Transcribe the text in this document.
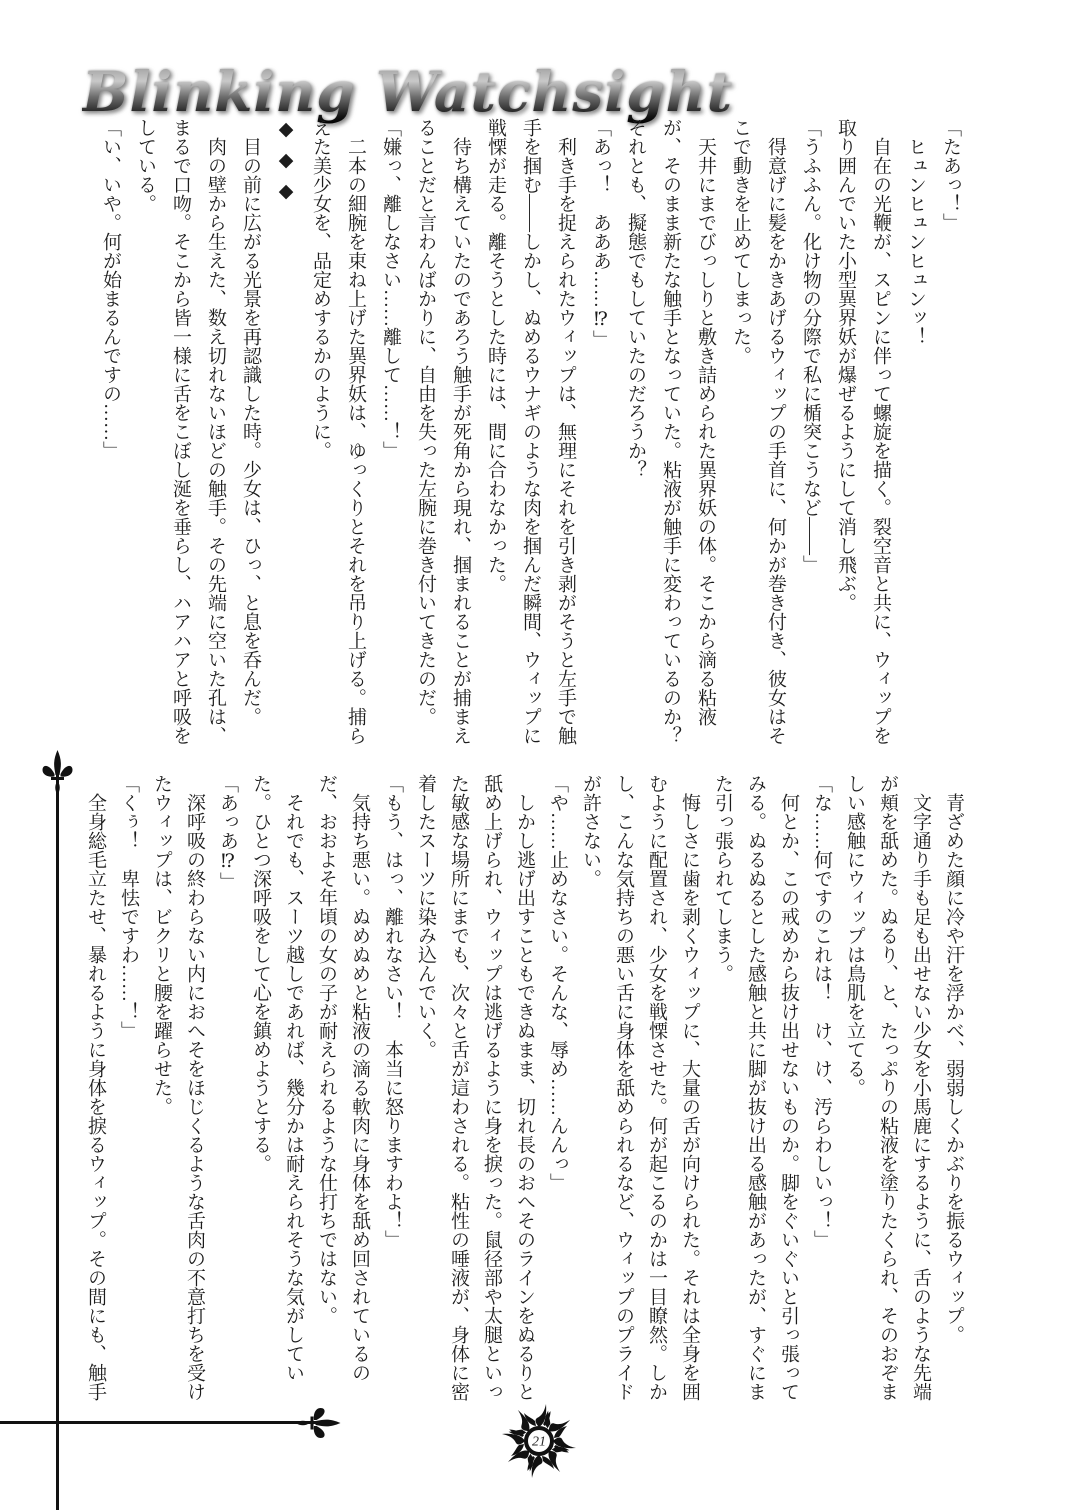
Blinking Watchsight

「たあっ！」

　ヒュンヒュンヒュンッ！

　自在の光鞭が、スピンに伴って螺旋を描く。裂空音と共に、ウィップを取り囲んでいた小型異界妖が爆ぜるようにして消し飛ぶ。

「うふふん。化け物の分際で私に楯突こうなど――」

　得意げに髪をかきあげるウィップの手首に、何かが巻き付き、彼女はそこで動きを止めてしまった。

　天井にまでびっしりと敷き詰められた異界妖の体。そこから滴る粘液が、そのまま新たな触手となっていた。粘液が触手に変わっているのか？　それとも、擬態でもしていたのだろうか？

「あっ！　あああ……⁉」

　利き手を捉えられたウィップは、無理にそれを引き剥がそうと左手で触手を掴む――しかし、ぬめるウナギのような肉を掴んだ瞬間、ウィップに戦慄が走る。離そうとした時には、間に合わなかった。

　待ち構えていたのであろう触手が死角から現れ、掴まれることが捕まえることだと言わんばかりに、自由を失った左腕に巻き付いてきたのだ。

「嫌っ、離しなさい……離して……！」

　二本の細腕を束ね上げた異界妖は、ゆっくりとそれを吊り上げる。捕らえた美少女を、品定めするかのように。

◆◆◆

　目の前に広がる光景を再認識した時。少女は、ひっ、と息を呑んだ。

　肉の壁から生えた、数え切れないほどの触手。その先端に空いた孔は、まるで口吻。そこから皆一様に舌をこぼし涎を垂らし、ハアハアと呼吸をしている。

「い、いや。何が始まるんですの……」

　青ざめた顔に冷や汗を浮かべ、弱弱しくかぶりを振るウィップ。

　文字通り手も足も出せない少女を小馬鹿にするように、舌のような先端が頬を舐めた。ぬるり、と、たっぷりの粘液を塗りたくられ、そのおぞましい感触にウィップは鳥肌を立てる。

「な……何ですのこれは！　け、け、汚らわしいっ！」

　何とか、この戒めから抜け出せないものか。脚をぐいぐいと引っ張ってみる。ぬるぬるとした感触と共に脚が抜け出る感触があったが、すぐにまた引っ張られてしまう。

　悔しさに歯を剥くウィップに、大量の舌が向けられた。それは全身を囲むように配置され、少女を戦慄させた。何が起こるのかは一目瞭然。しかし、こんな気持ちの悪い舌に身体を舐められるなど、ウィップのプライドが許さない。

「や……止めなさい。そんな、辱め……んんっ」

　しかし逃げ出すこともできぬまま、切れ長のおへそのラインをぬるりと舐め上げられ、ウィップは逃げるように身を捩った。鼠径部や太腿といった敏感な場所にまでも、次々と舌が這わされる。粘性の唾液が、身体に密着したスーツに染み込んでいく。

「もう、はっ、離れなさい！　本当に怒りますわよ！」

　気持ち悪い。ぬめぬめと粘液の滴る軟肉に身体を舐め回されているのだ、おおよそ年頃の女の子が耐えられるような仕打ちではない。

　それでも、スーツ越しであれば、幾分かは耐えられそうな気がしていた。ひとつ深呼吸をして心を鎮めようとする。

「あっあ⁉」

　深呼吸の終わらない内におへそをほじくるような舌肉の不意打ちを受けたウィップは、ビクリと腰を躍らせた。

「くぅ！　卑怯ですわ……！」

　全身総毛立たせ、暴れるように身体を捩るウィップ。その間にも、触手

21
